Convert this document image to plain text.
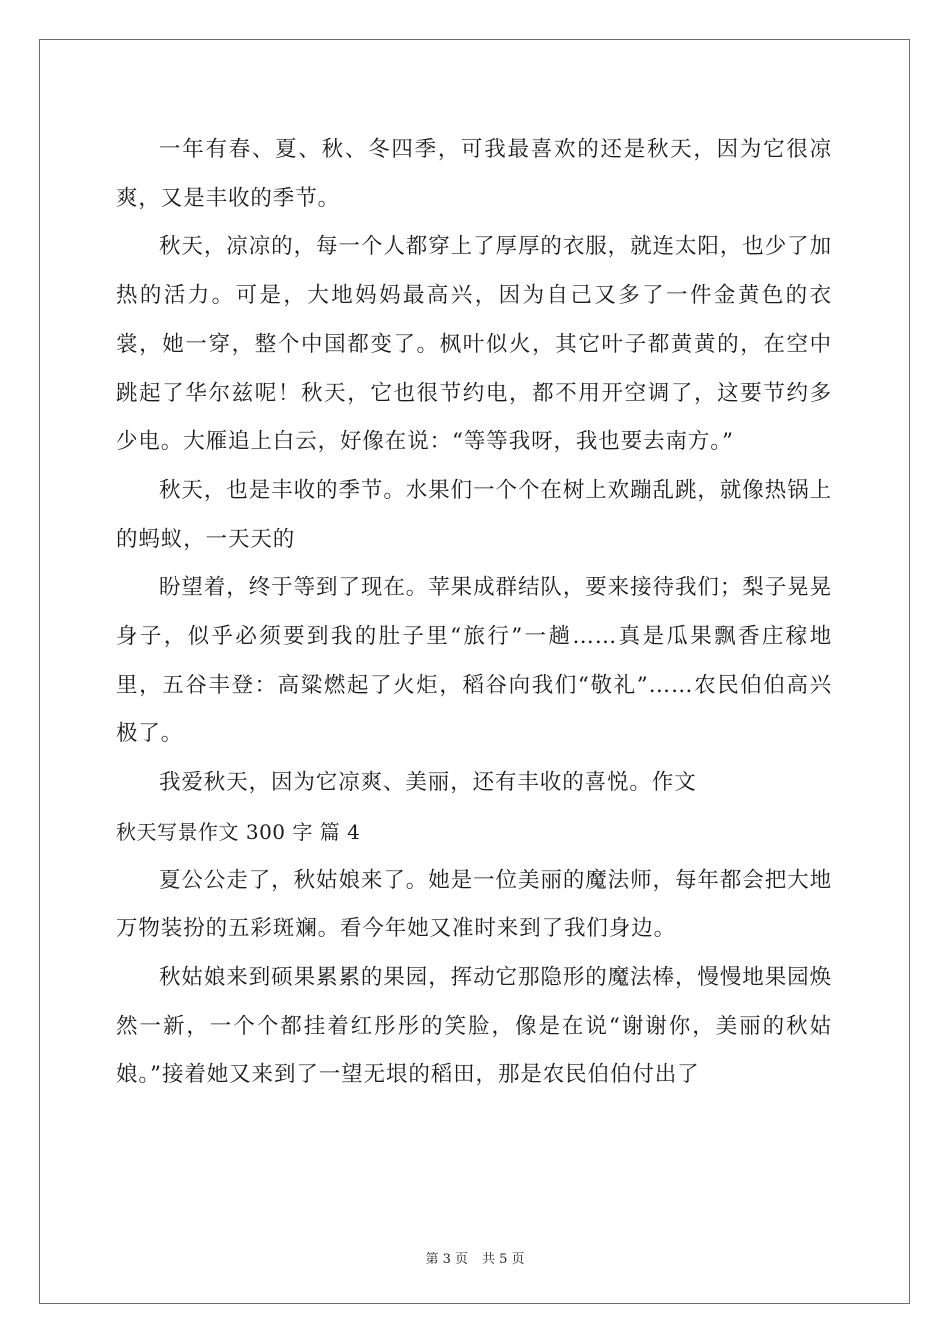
一年有春、夏、秋、冬四季，可我最喜欢的还是秋天，因为它很凉爽，又是丰收的季节。

秋天，凉凉的，每一个人都穿上了厚厚的衣服，就连太阳，也少了加热的活力。可是，大地妈妈最高兴，因为自己又多了一件金黄色的衣裳，她一穿，整个中国都变了。枫叶似火，其它叶子都黄黄的，在空中跳起了华尔兹呢！秋天，它也很节约电，都不用开空调了，这要节约多少电。大雁追上白云，好像在说：“等等我呀，我也要去南方。”

秋天，也是丰收的季节。水果们一个个在树上欢蹦乱跳，就像热锅上的蚂蚁，一天天的

盼望着，终于等到了现在。苹果成群结队，要来接待我们；梨子晃晃身子，似乎必须要到我的肚子里“旅行”一趟……真是瓜果飘香庄稼地里，五谷丰登：高粱燃起了火炬，稻谷向我们“敬礼”……农民伯伯高兴极了。

我爱秋天，因为它凉爽、美丽，还有丰收的喜悦。作文

秋天写景作文 300 字 篇 4

夏公公走了，秋姑娘来了。她是一位美丽的魔法师，每年都会把大地万物装扮的五彩斑斓。看今年她又准时来到了我们身边。

秋姑娘来到硕果累累的果园，挥动它那隐形的魔法棒，慢慢地果园焕然一新，一个个都挂着红彤彤的笑脸，像是在说“谢谢你，美丽的秋姑娘。”接着她又来到了一望无垠的稻田，那是农民伯伯付出了

第 3 页 共 5 页
